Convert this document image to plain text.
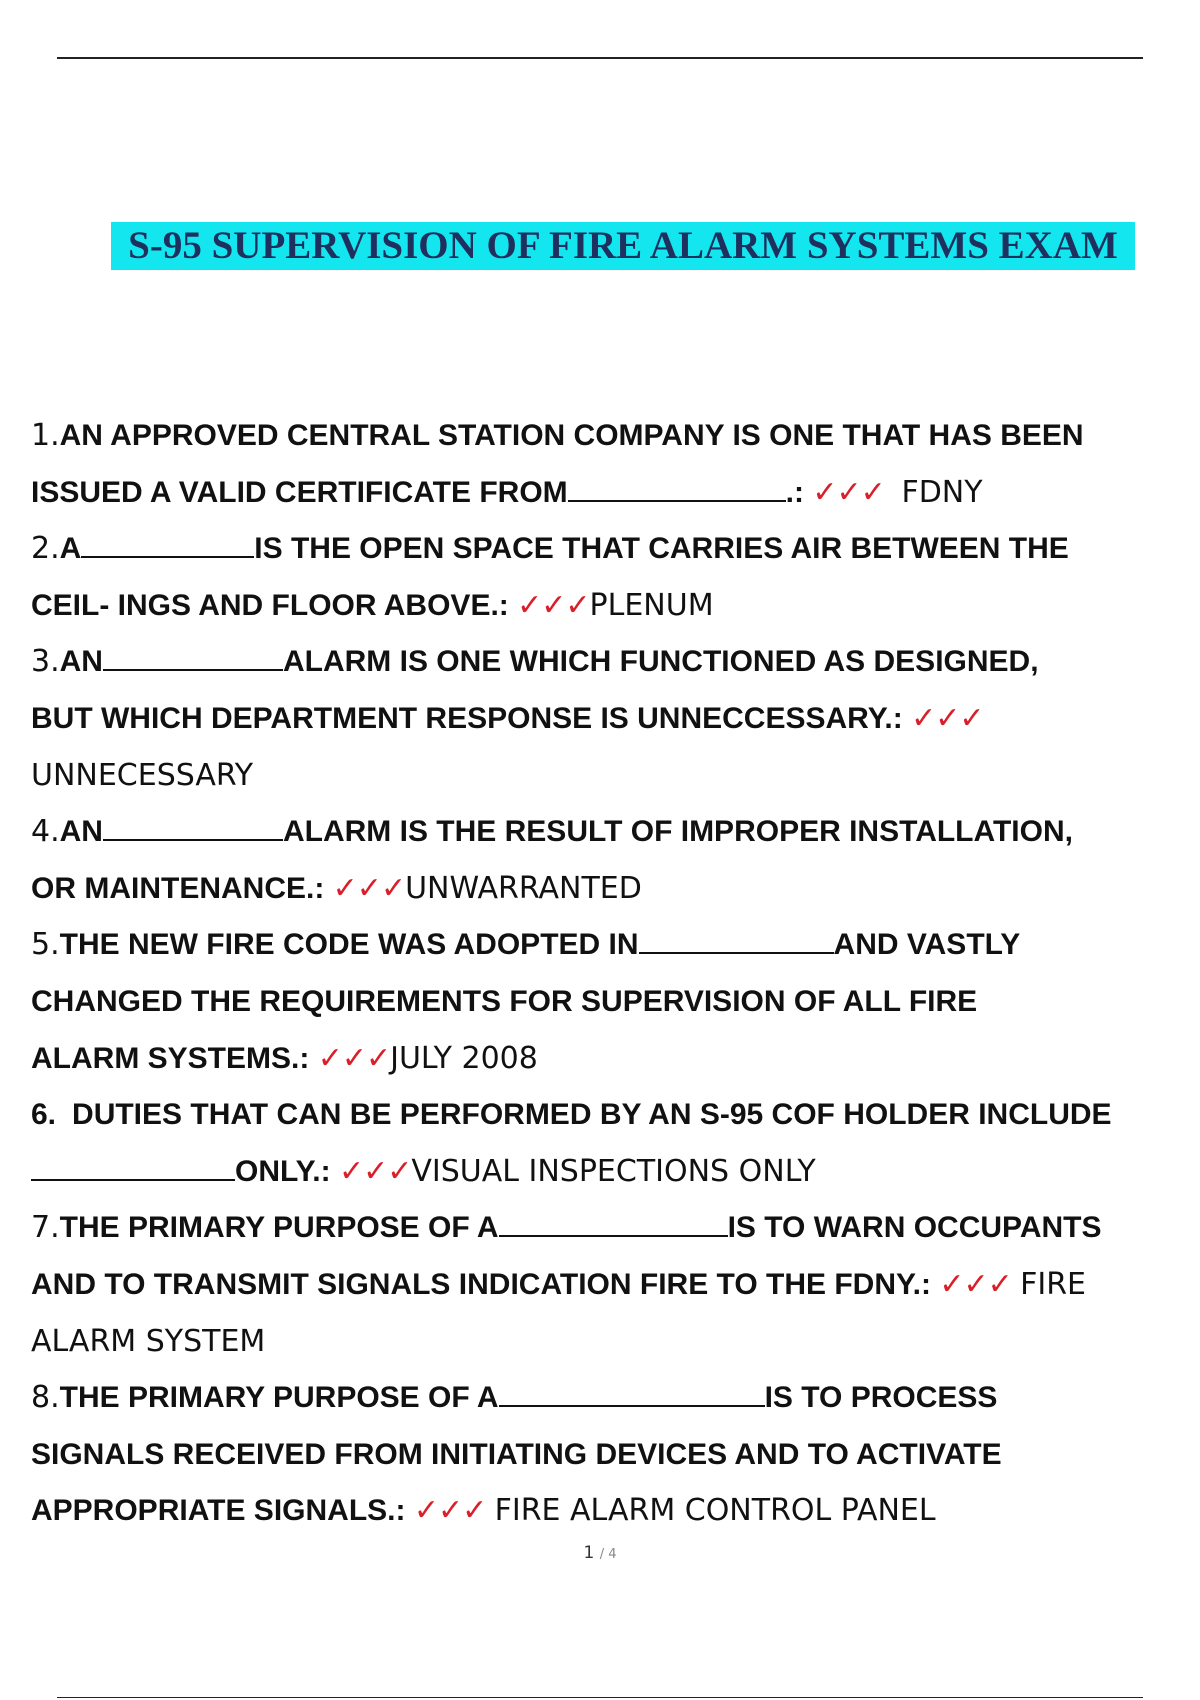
S-95 SUPERVISION OF FIRE ALARM SYSTEMS EXAM
1.AN APPROVED CENTRAL STATION COMPANY IS ONE THAT HAS BEEN
ISSUED A VALID CERTIFICATE FROM	.: ✓✓✓ FDNY
2.A	IS THE OPEN SPACE THAT CARRIES AIR BETWEEN THE
CEIL- INGS AND FLOOR ABOVE.: ✓✓✓PLENUM
3.AN	ALARM IS ONE WHICH FUNCTIONED AS DESIGNED,
BUT WHICH DEPARTMENT RESPONSE IS UNNECCESSARY.: ✓✓✓
UNNECESSARY
4.AN	ALARM IS THE RESULT OF IMPROPER INSTALLATION,
OR MAINTENANCE.: ✓✓✓UNWARRANTED
5.THE NEW FIRE CODE WAS ADOPTED IN	AND VASTLY
CHANGED THE REQUIREMENTS FOR SUPERVISION OF ALL FIRE
ALARM SYSTEMS.: ✓✓✓JULY 2008
6. DUTIES THAT CAN BE PERFORMED BY AN S-95 COF HOLDER INCLUDE
ONLY.: ✓✓✓VISUAL INSPECTIONS ONLY
7.THE PRIMARY PURPOSE OF A	IS TO WARN OCCUPANTS
AND TO TRANSMIT SIGNALS INDICATION FIRE TO THE FDNY.: ✓✓✓ FIRE
ALARM SYSTEM
8.THE PRIMARY PURPOSE OF A	IS TO PROCESS
SIGNALS RECEIVED FROM INITIATING DEVICES AND TO ACTIVATE
APPROPRIATE SIGNALS.: ✓✓✓ FIRE ALARM CONTROL PANEL
1 / 4
